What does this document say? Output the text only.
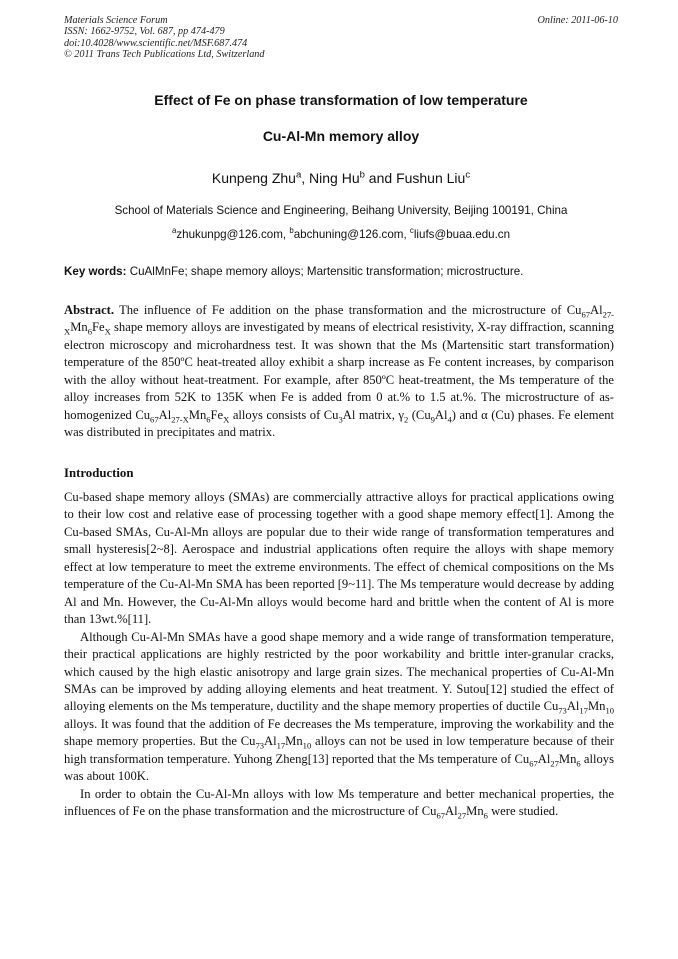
Materials Science Forum
ISSN: 1662-9752, Vol. 687, pp 474-479
doi:10.4028/www.scientific.net/MSF.687.474
© 2011 Trans Tech Publications Ltd, Switzerland
Online: 2011-06-10
Effect of Fe on phase transformation of low temperature
Cu-Al-Mn memory alloy
Kunpeng Zhu$^a$, Ning Hu$^b$ and Fushun Liu$^c$
School of Materials Science and Engineering, Beihang University, Beijing 100191, China
$^a$zhukunpg@126.com, $^b$abchuning@126.com, $^c$liufs@buaa.edu.cn
Key words: CuAlMnFe; shape memory alloys; Martensitic transformation; microstructure.

Abstract. The influence of Fe addition on the phase transformation and the microstructure of $Cu_{67}Al_{27-X}Mn_6Fe_X$ shape memory alloys are investigated by means of electrical resistivity, X-ray diffraction, scanning electron microscopy and microhardness test. It was shown that the Ms (Martensitic start transformation) temperature of the 850ºC heat-treated alloy exhibit a sharp increase as Fe content increases, by comparison with the alloy without heat-treatment. For example, after 850ºC heat-treatment, the Ms temperature of the alloy increases from 52K to 135K when Fe is added from 0 at.% to 1.5 at.%. The microstructure of as-homogenized $Cu_{67}Al_{27-X}Mn_6Fe_X$ alloys consists of $Cu_3Al$ matrix, $\gamma_2$ $(Cu_9Al_4)$ and α (Cu) phases. Fe element was distributed in precipitates and matrix.

Introduction

Cu-based shape memory alloys (SMAs) are commercially attractive alloys for practical applications owing to their low cost and relative ease of processing together with a good shape memory effect[1]. Among the Cu-based SMAs, Cu-Al-Mn alloys are popular due to their wide range of transformation temperatures and small hysteresis[2~8]. Aerospace and industrial applications often require the alloys with shape memory effect at low temperature to meet the extreme environments. The effect of chemical compositions on the Ms temperature of the Cu-Al-Mn SMA has been reported [9~11]. The Ms temperature would decrease by adding Al and Mn. However, the Cu-Al-Mn alloys would become hard and brittle when the content of Al is more than 13wt.%[11].

Although Cu-Al-Mn SMAs have a good shape memory and a wide range of transformation temperature, their practical applications are highly restricted by the poor workability and brittle inter-granular cracks, which caused by the high elastic anisotropy and large grain sizes. The mechanical properties of Cu-Al-Mn SMAs can be improved by adding alloying elements and heat treatment. Y. Sutou[12] studied the effect of alloying elements on the Ms temperature, ductility and the shape memory properties of ductile $Cu_{73}Al_{17}Mn_{10}$ alloys. It was found that the addition of Fe decreases the Ms temperature, improving the workability and the shape memory properties. But the $Cu_{73}Al_{17}Mn_{10}$ alloys can not be used in low temperature because of their high transformation temperature. Yuhong Zheng[13] reported that the Ms temperature of $Cu_{67}Al_{27}Mn_6$ alloys was about 100K.

In order to obtain the Cu-Al-Mn alloys with low Ms temperature and better mechanical properties, the influences of Fe on the phase transformation and the microstructure of $Cu_{67}Al_{27}Mn_6$ were studied.
